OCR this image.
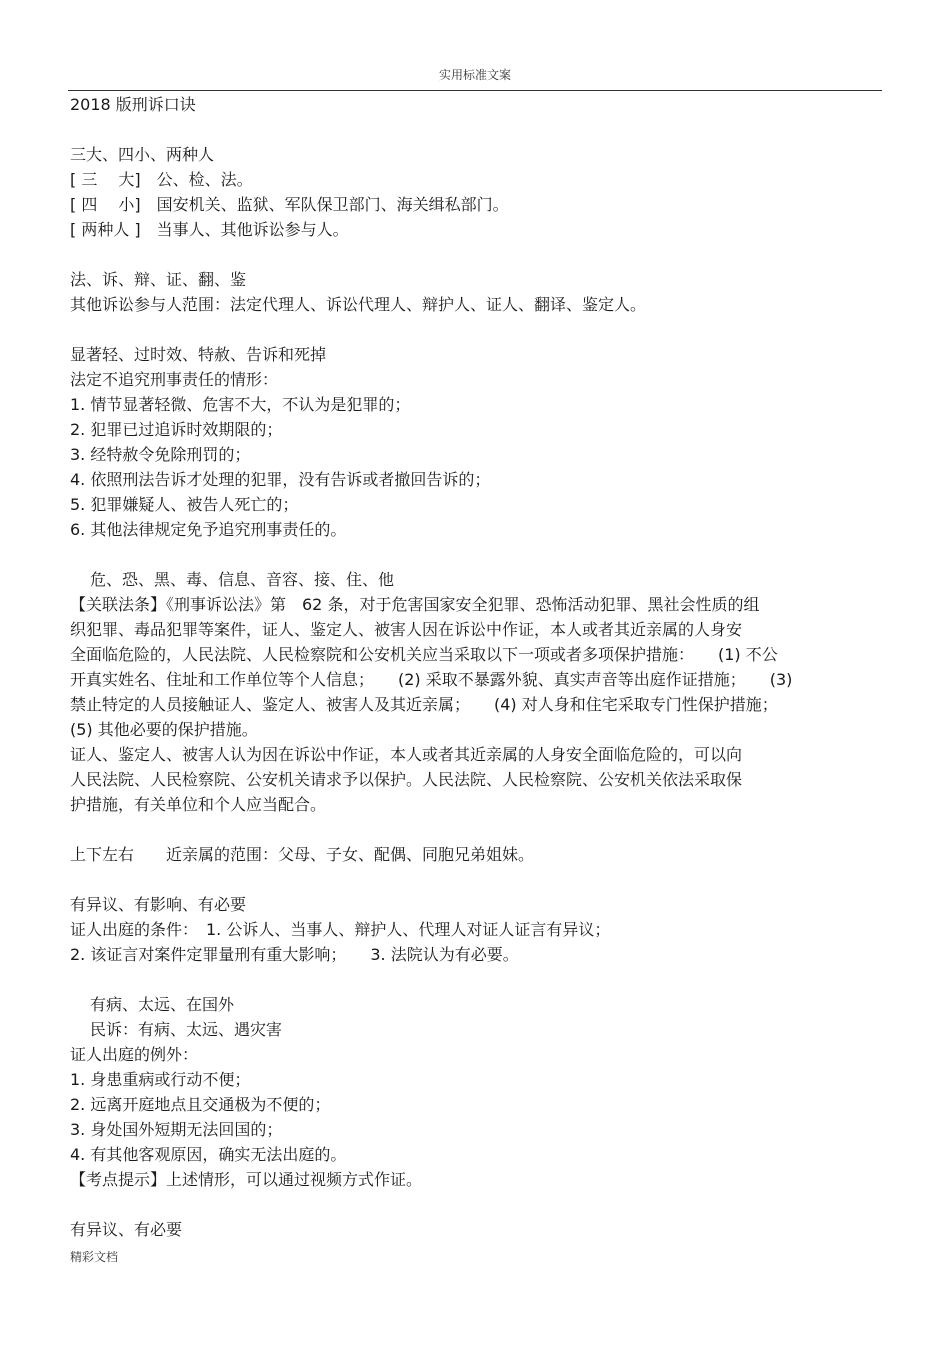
实用标准文案
2018 版刑诉口诀
三大、四小、两种人
[ 三　 大]　公、检、法。
[ 四　 小]　国安机关、监狱、军队保卫部门、海关缉私部门。
[ 两种人 ]　当事人、其他诉讼参与人。
法、诉、辩、证、翻、鉴
其他诉讼参与人范围：法定代理人、诉讼代理人、辩护人、证人、翻译、鉴定人。
显著轻、过时效、特赦、告诉和死掉
法定不追究刑事责任的情形：
1. 情节显著轻微、危害不大，不认为是犯罪的；
2. 犯罪已过追诉时效期限的；
3. 经特赦令免除刑罚的；
4. 依照刑法告诉才处理的犯罪，没有告诉或者撤回告诉的；
5. 犯罪嫌疑人、被告人死亡的；
6. 其他法律规定免予追究刑事责任的。
危、恐、黑、毒、信息、音容、接、住、他
【关联法条】《刑事诉讼法》第　62 条，对于危害国家安全犯罪、恐怖活动犯罪、黑社会性质的组
织犯罪、毒品犯罪等案件，证人、鉴定人、被害人因在诉讼中作证，本人或者其近亲属的人身安
全面临危险的，人民法院、人民检察院和公安机关应当采取以下一项或者多项保护措施：　　(1) 不公
开真实姓名、住址和工作单位等个人信息；　　(2) 采取不暴露外貌、真实声音等出庭作证措施；　　(3)
禁止特定的人员接触证人、鉴定人、被害人及其近亲属；　　(4) 对人身和住宅采取专门性保护措施；
(5) 其他必要的保护措施。
证人、鉴定人、被害人认为因在诉讼中作证，本人或者其近亲属的人身安全面临危险的，可以向
人民法院、人民检察院、公安机关请求予以保护。人民法院、人民检察院、公安机关依法采取保
护措施，有关单位和个人应当配合。
上下左右　　近亲属的范围：父母、子女、配偶、同胞兄弟姐妹。
有异议、有影响、有必要
证人出庭的条件：　1. 公诉人、当事人、辩护人、代理人对证人证言有异议；
2. 该证言对案件定罪量刑有重大影响；　　3. 法院认为有必要。
有病、太远、在国外
民诉：有病、太远、遇灾害
证人出庭的例外：
1. 身患重病或行动不便；
2. 远离开庭地点且交通极为不便的；
3. 身处国外短期无法回国的；
4. 有其他客观原因，确实无法出庭的。
【考点提示】上述情形，可以通过视频方式作证。
有异议、有必要
精彩文档
